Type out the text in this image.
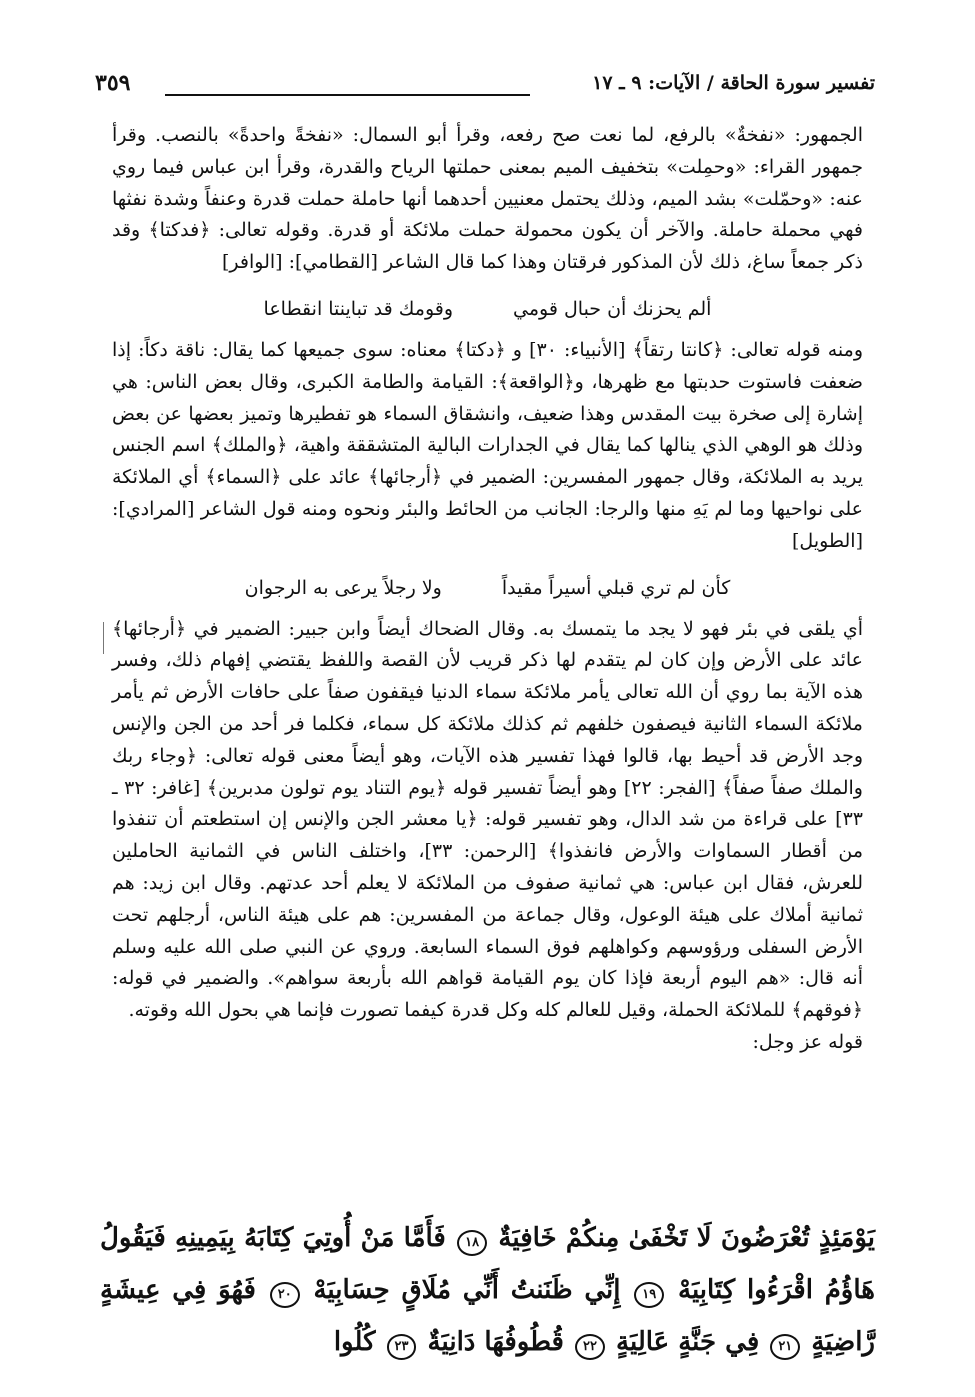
تفسير سورة الحاقة / الآيات: ٩ ـ ١٧
٣٥٩

الجمهور: «نفخةٌ» بالرفع، لما نعت صح رفعه، وقرأ أبو السمال: «نفخةً واحدةً» بالنصب. وقرأ جمهور القراء: «وحمِلت» بتخفيف الميم بمعنى حملتها الرياح والقدرة، وقرأ ابن عباس فيما روي عنه: «وحمّلت» بشد الميم، وذلك يحتمل معنيين أحدهما أنها حاملة حملت قدرة وعنفاً وشدة نفثها فهي محملة حاملة. والآخر أن يكون محمولة حملت ملائكة أو قدرة. وقوله تعالى: ﴿فدكتا﴾ وقد ذكر جمعاً ساغ، ذلك لأن المذكور فرقتان وهذا كما قال الشاعر [القطامي]: [الوافر]

ألم يحزنك أن حبال قومي
وقومك قد تباينتا انقطاعا

ومنه قوله تعالى: ﴿كانتا رتقاً﴾ [الأنبياء: ٣٠] و ﴿دكتا﴾ معناه: سوى جميعها كما يقال: ناقة دكاً: إذا ضعفت فاستوت حدبتها مع ظهرها، و﴿الواقعة﴾: القيامة والطامة الكبرى، وقال بعض الناس: هي إشارة إلى صخرة بيت المقدس وهذا ضعيف، وانشقاق السماء هو تفطيرها وتميز بعضها عن بعض وذلك هو الوهي الذي ينالها كما يقال في الجدارات البالية المتشققة واهية، ﴿والملك﴾ اسم الجنس يريد به الملائكة، وقال جمهور المفسرين: الضمير في ﴿أرجائها﴾ عائد على ﴿السماء﴾ أي الملائكة على نواحيها وما لم يَهِ منها والرجا: الجانب من الحائط والبئر ونحوه ومنه قول الشاعر [المرادي]: [الطويل]

كأن لم تري قبلي أسيراً مقيداً
ولا رجلاً يرعى به الرجوان

أي يلقى في بئر فهو لا يجد ما يتمسك به. وقال الضحاك أيضاً وابن جبير: الضمير في ﴿أرجائها﴾ عائد على الأرض وإن كان لم يتقدم لها ذكر قريب لأن القصة واللفظ يقتضي إفهام ذلك، وفسر هذه الآية بما روي أن الله تعالى يأمر ملائكة سماء الدنيا فيقفون صفاً على حافات الأرض ثم يأمر ملائكة السماء الثانية فيصفون خلفهم ثم كذلك ملائكة كل سماء، فكلما فر أحد من الجن والإنس وجد الأرض قد أحيط بها، قالوا فهذا تفسير هذه الآيات، وهو أيضاً معنى قوله تعالى: ﴿وجاء ربك والملك صفاً صفاً﴾ [الفجر: ٢٢] وهو أيضاً تفسير قوله ﴿يوم التناد يوم تولون مدبرين﴾ [غافر: ٣٢ ـ ٣٣] على قراءة من شد الدال، وهو تفسير قوله: ﴿يا معشر الجن والإنس إن استطعتم أن تنفذوا من أقطار السماوات والأرض فانفذوا﴾ [الرحمن: ٣٣]، واختلف الناس في الثمانية الحاملين للعرش، فقال ابن عباس: هي ثمانية صفوف من الملائكة لا يعلم أحد عدتهم. وقال ابن زيد: هم ثمانية أملاك على هيئة الوعول، وقال جماعة من المفسرين: هم على هيئة الناس، أرجلهم تحت الأرض السفلى ورؤوسهم وكواهلهم فوق السماء السابعة. وروي عن النبي صلى الله عليه وسلم أنه قال: «هم اليوم أربعة فإذا كان يوم القيامة قواهم الله بأربعة سواهم». والضمير في قوله: ﴿فوقهم﴾ للملائكة الحملة، وقيل للعالم كله وكل قدرة كيفما تصورت فإنما هي بحول الله وقوته.

قوله عز وجل:

يَوْمَئِذٍ تُعْرَضُونَ لَا تَخْفَىٰ مِنكُمْ خَافِيَةٌ ١٨ فَأَمَّا مَنْ أُوتِيَ كِتَابَهُ بِيَمِينِهِ فَيَقُولُ هَاؤُمُ اقْرَءُوا كِتَابِيَهْ ١٩ إِنِّي ظَنَنتُ أَنِّي مُلَاقٍ حِسَابِيَهْ ٢٠ فَهُوَ فِي عِيشَةٍ رَّاضِيَةٍ ٢١ فِي جَنَّةٍ عَالِيَةٍ ٢٢ قُطُوفُهَا دَانِيَةٌ ٢٣ كُلُوا
